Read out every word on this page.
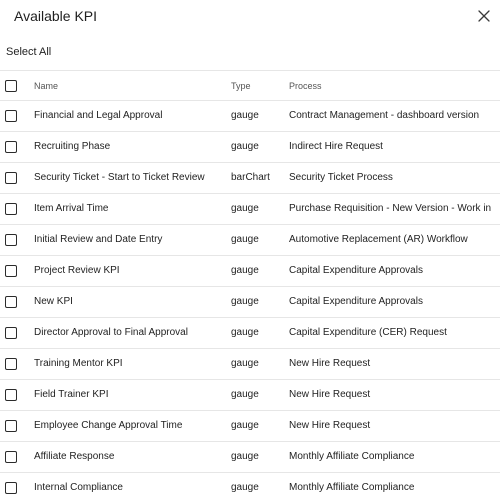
Available KPI
Select All
Name	Type	Process
Financial and Legal Approval	gauge	Contract Management - dashboard version
Recruiting Phase	gauge	Indirect Hire Request
Security Ticket - Start to Ticket Review	barChart	Security Ticket Process
Item Arrival Time	gauge	Purchase Requisition - New Version - Work in
Initial Review and Date Entry	gauge	Automotive Replacement (AR) Workflow
Project Review KPI	gauge	Capital Expenditure Approvals
New KPI	gauge	Capital Expenditure Approvals
Director Approval to Final Approval	gauge	Capital Expenditure (CER) Request
Training Mentor KPI	gauge	New Hire Request
Field Trainer KPI	gauge	New Hire Request
Employee Change Approval Time	gauge	New Hire Request
Affiliate Response	gauge	Monthly Affiliate Compliance
Internal Compliance	gauge	Monthly Affiliate Compliance
